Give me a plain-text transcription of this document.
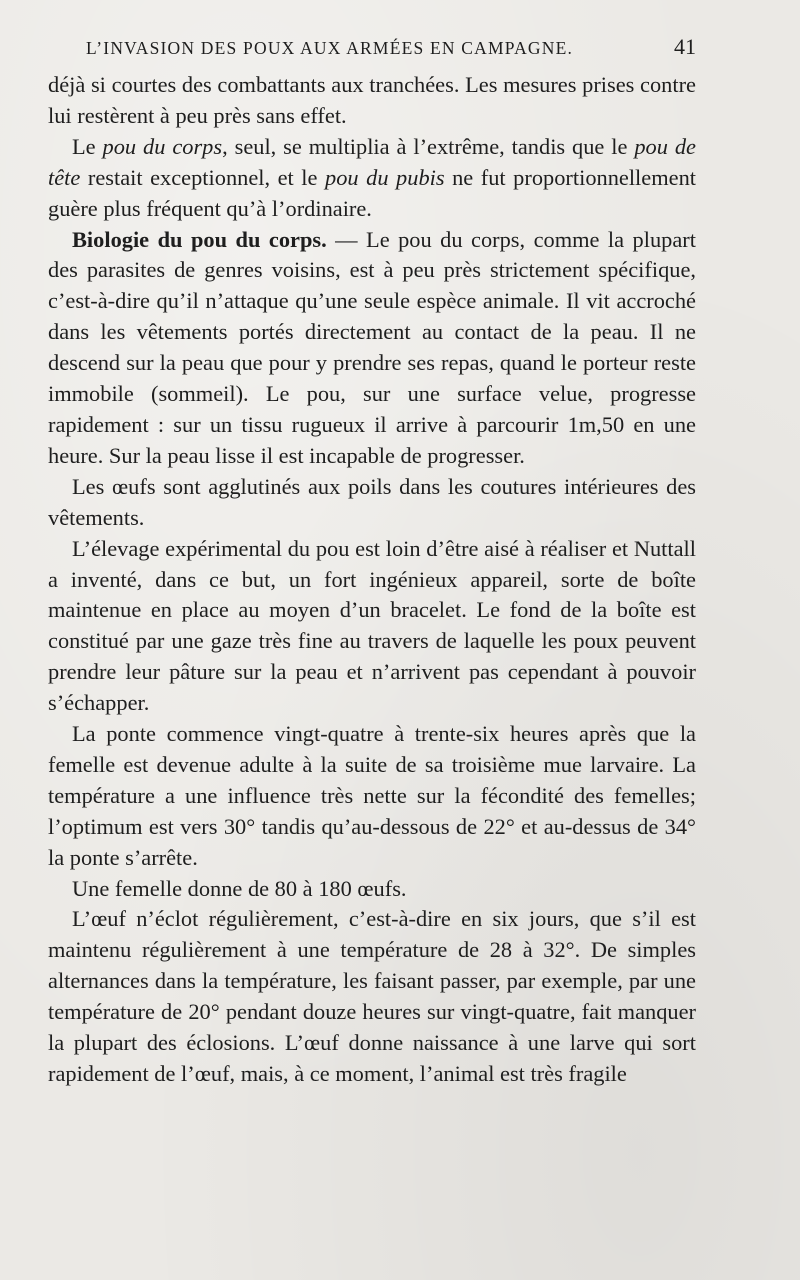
L’INVASION DES POUX AUX ARMÉES EN CAMPAGNE.	41

déjà si courtes des combattants aux tranchées. Les mesures prises contre lui restèrent à peu près sans effet.

Le pou du corps, seul, se multiplia à l’extrême, tandis que le pou de tête restait exceptionnel, et le pou du pubis ne fut proportionnellement guère plus fréquent qu’à l’ordinaire.

Biologie du pou du corps. — Le pou du corps, comme la plupart des parasites de genres voisins, est à peu près strictement spécifique, c’est-à-dire qu’il n’attaque qu’une seule espèce animale. Il vit accroché dans les vêtements portés directement au contact de la peau. Il ne descend sur la peau que pour y prendre ses repas, quand le porteur reste immobile (sommeil). Le pou, sur une surface velue, progresse rapidement : sur un tissu rugueux il arrive à parcourir 1m,50 en une heure. Sur la peau lisse il est incapable de progresser.

Les œufs sont agglutinés aux poils dans les coutures intérieures des vêtements.

L’élevage expérimental du pou est loin d’être aisé à réaliser et Nuttall a inventé, dans ce but, un fort ingénieux appareil, sorte de boîte maintenue en place au moyen d’un bracelet. Le fond de la boîte est constitué par une gaze très fine au travers de laquelle les poux peuvent prendre leur pâture sur la peau et n’arrivent pas cependant à pouvoir s’échapper.

La ponte commence vingt-quatre à trente-six heures après que la femelle est devenue adulte à la suite de sa troisième mue larvaire. La température a une influence très nette sur la fécondité des femelles; l’optimum est vers 30° tandis qu’au-dessous de 22° et au-dessus de 34° la ponte s’arrête.

Une femelle donne de 80 à 180 œufs.

L’œuf n’éclot régulièrement, c’est-à-dire en six jours, que s’il est maintenu régulièrement à une température de 28 à 32°. De simples alternances dans la température, les faisant passer, par exemple, par une température de 20° pendant douze heures sur vingt-quatre, fait manquer la plupart des éclosions. L’œuf donne naissance à une larve qui sort rapidement de l’œuf, mais, à ce moment, l’animal est très fragile
